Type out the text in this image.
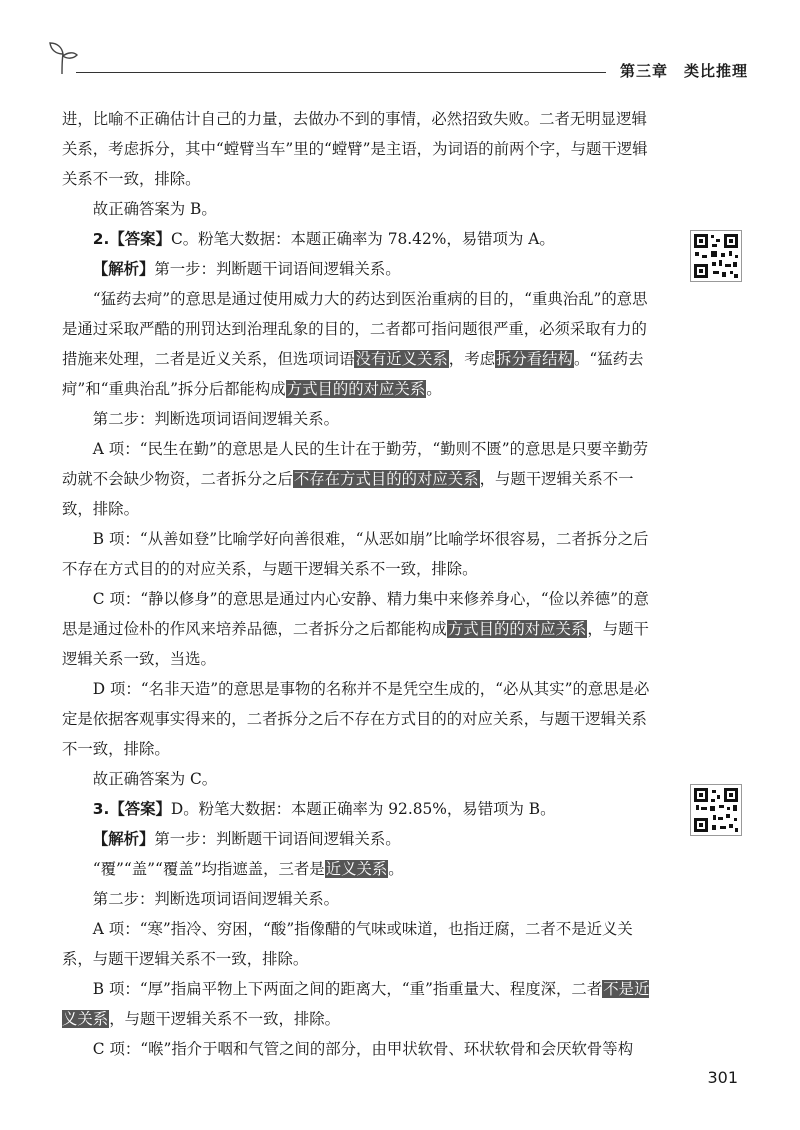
第三章 类比推理

进，比喻不正确估计自己的力量，去做办不到的事情，必然招致失败。二者无明显逻辑关系，考虑拆分，其中“螳臂当车”里的“螳臂”是主语，为词语的前两个字，与题干逻辑关系不一致，排除。

故正确答案为 B。

2.【答案】C。粉笔大数据：本题正确率为 78.42%，易错项为 A。

【解析】第一步：判断题干词语间逻辑关系。

“猛药去疴”的意思是通过使用威力大的药达到医治重病的目的，“重典治乱”的意思是通过采取严酷的刑罚达到治理乱象的目的，二者都可指问题很严重，必须采取有力的措施来处理，二者是近义关系，但选项词语没有近义关系，考虑拆分看结构。“猛药去疴”和“重典治乱”拆分后都能构成方式目的的对应关系。

第二步：判断选项词语间逻辑关系。

A 项：“民生在勤”的意思是人民的生计在于勤劳，“勤则不匮”的意思是只要辛勤劳动就不会缺少物资，二者拆分之后不存在方式目的的对应关系，与题干逻辑关系不一致，排除。

B 项：“从善如登”比喻学好向善很难，“从恶如崩”比喻学坏很容易，二者拆分之后不存在方式目的的对应关系，与题干逻辑关系不一致，排除。

C 项：“静以修身”的意思是通过内心安静、精力集中来修养身心，“俭以养德”的意思是通过俭朴的作风来培养品德，二者拆分之后都能构成方式目的的对应关系，与题干逻辑关系一致，当选。

D 项：“名非天造”的意思是事物的名称并不是凭空生成的，“必从其实”的意思是必定是依据客观事实得来的，二者拆分之后不存在方式目的的对应关系，与题干逻辑关系不一致，排除。

故正确答案为 C。

3.【答案】D。粉笔大数据：本题正确率为 92.85%，易错项为 B。

【解析】第一步：判断题干词语间逻辑关系。

“覆”“盖”“覆盖”均指遮盖，三者是近义关系。

第二步：判断选项词语间逻辑关系。

A 项：“寒”指冷、穷困，“酸”指像醋的气味或味道，也指迂腐，二者不是近义关系，与题干逻辑关系不一致，排除。

B 项：“厚”指扁平物上下两面之间的距离大，“重”指重量大、程度深，二者不是近义关系，与题干逻辑关系不一致，排除。

C 项：“喉”指介于咽和气管之间的部分，由甲状软骨、环状软骨和会厌软骨等构

301
